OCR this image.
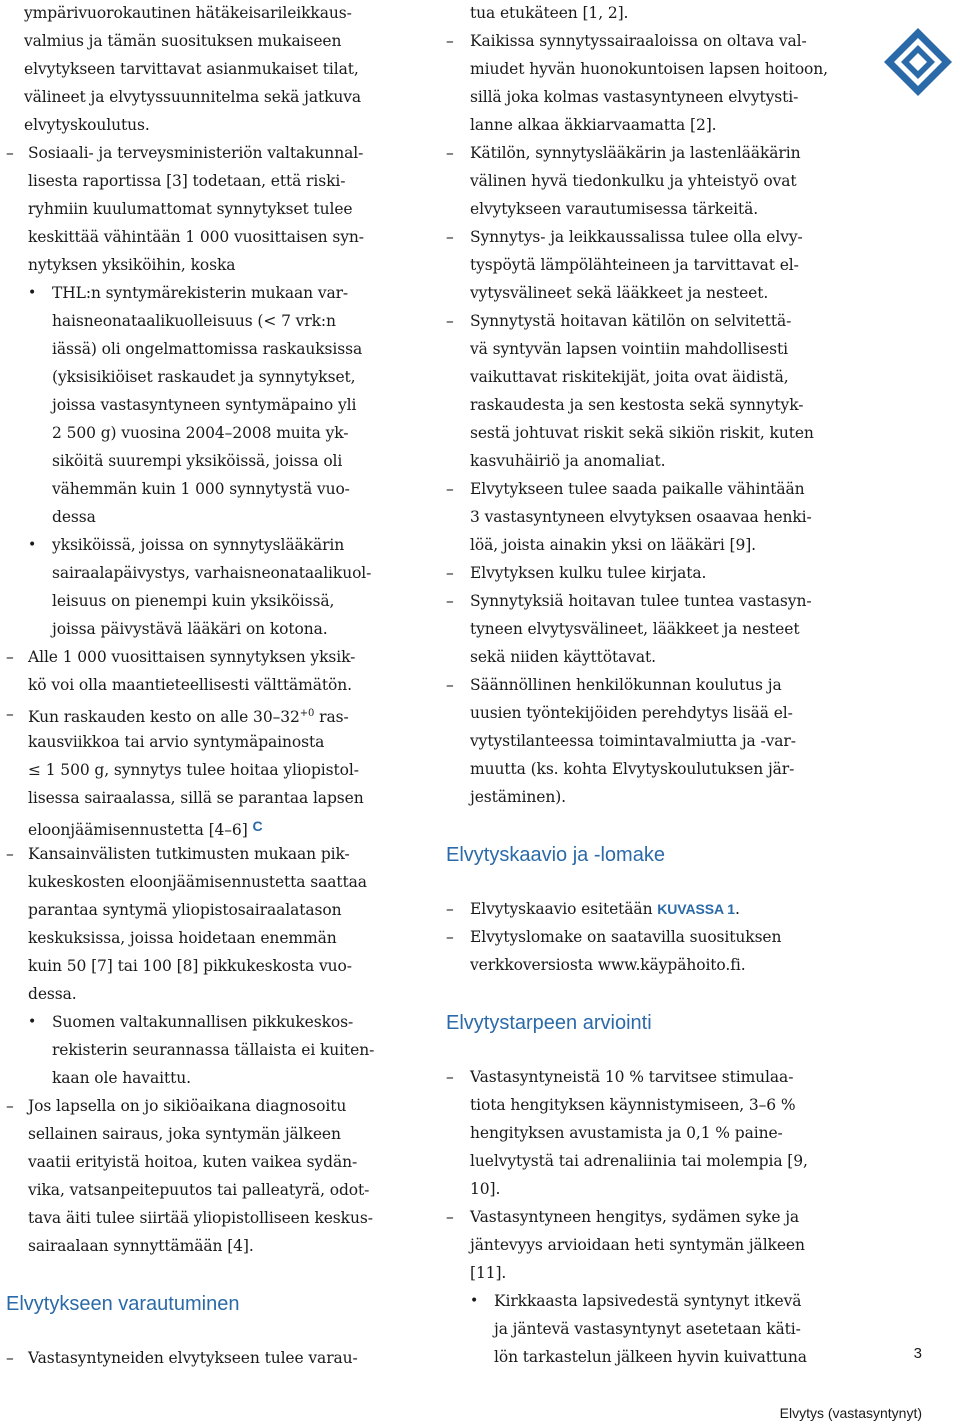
ympärivuorokautinen hätäkeisarileikkaus-
valmius ja tämän suosituksen mukaiseen
elvytykseen tarvittavat asianmukaiset tilat,
välineet ja elvytyssuunnitelma sekä jatkuva
elvytyskoulutus.
– Sosiaali- ja terveysministeriön valtakunnal-
lisesta raportissa [3] todetaan, että riski-
ryhmiin kuulumattomat synnytykset tulee
keskittää vähintään 1 000 vuosittaisen syn-
nytyksen yksiköihin, koska
• THL:n syntymärekisterin mukaan var-
haisneonataalikuolleisuus (< 7 vrk:n
iässä) oli ongelmattomissa raskauksissa
(yksisikiöiset raskaudet ja synnytykset,
joissa vastasyntyneen syntymäpaino yli
2 500 g) vuosina 2004–2008 muita yk-
siköitä suurempi yksiköissä, joissa oli
vähemmän kuin 1 000 synnytystä vuo-
dessa
• yksiköissä, joissa on synnytyslääkärin
sairaalapäivystys, varhaisneonataalikuol-
leisuus on pienempi kuin yksiköissä,
joissa päivystävä lääkäri on kotona.
– Alle 1 000 vuosittaisen synnytyksen yksik-
kö voi olla maantieteellisesti välttämätön.
– Kun raskauden kesto on alle $30-32^{+0}$ ras-
kausviikkoa tai arvio syntymäpainosta
≤ 1 500 g, synnytys tulee hoitaa yliopistol-
lisessa sairaalassa, sillä se parantaa lapsen
eloonjäämisennustetta [4–6] C
– Kansainvälisten tutkimusten mukaan pik-
kukeskosten eloonjäämisennustetta saattaa
parantaa syntymä yliopistosairaalatason
keskuksissa, joissa hoidetaan enemmän
kuin 50 [7] tai 100 [8] pikkukeskosta vuo-
dessa.
• Suomen valtakunnallisen pikkukeskos-
rekisterin seurannassa tällaista ei kuiten-
kaan ole havaittu.
– Jos lapsella on jo sikiöaikana diagnosoitu
sellainen sairaus, joka syntymän jälkeen
vaatii erityistä hoitoa, kuten vaikea sydän-
vika, vatsanpeitepuutos tai palleatyrä, odot-
tava äiti tulee siirtää yliopistolliseen keskus-
sairaalaan synnyttämään [4].
Elvytykseen varautuminen
– Vastasyntyneiden elvytykseen tulee varau-
tua etukäteen [1, 2].
– Kaikissa synnytyssairaaloissa on oltava val-
miudet hyvän huonokuntoisen lapsen hoitoon,
sillä joka kolmas vastasyntyneen elvytysti-
lanne alkaa äkkiarvaamatta [2].
– Kätilön, synnytyslääkärin ja lastenlääkärin
välinen hyvä tiedonkulku ja yhteistyö ovat
elvytykseen varautumisessa tärkeitä.
– Synnytys- ja leikkaussalissa tulee olla elvy-
tyspöytä lämpölähteineen ja tarvittavat el-
vytysvälineet sekä lääkkeet ja nesteet.
– Synnytystä hoitavan kätilön on selvitettä-
vä syntyvän lapsen vointiin mahdollisesti
vaikuttavat riskitekijät, joita ovat äidistä,
raskaudesta ja sen kestosta sekä synnytyk-
sestä johtuvat riskit sekä sikiön riskit, kuten
kasvuhäiriö ja anomaliat.
– Elvytykseen tulee saada paikalle vähintään
3 vastasyntyneen elvytyksen osaavaa henki-
löä, joista ainakin yksi on lääkäri [9].
– Elvytyksen kulku tulee kirjata.
– Synnytyksiä hoitavan tulee tuntea vastasyn-
tyneen elvytysvälineet, lääkkeet ja nesteet
sekä niiden käyttötavat.
– Säännöllinen henkilökunnan koulutus ja
uusien työntekijöiden perehdytys lisää el-
vytystilanteessa toimintavalmiutta ja -var-
muutta (ks. kohta Elvytyskoulutuksen jär-
jestäminen).
Elvytyskaavio ja -lomake
– Elvytyskaavio esitetään KUVASSA 1.
– Elvytyslomake on saatavilla suosituksen
verkkoversiosta www.käypähoito.fi.
Elvytystarpeen arviointi
– Vastasyntyneistä 10 % tarvitsee stimulaa-
tiota hengityksen käynnistymiseen, 3–6 %
hengityksen avustamista ja 0,1 % paine-
luelvytystä tai adrenaliinia tai molempia [9,
10].
– Vastasyntyneen hengitys, sydämen syke ja
jäntevyys arvioidaan heti syntymän jälkeen
[11].
• Kirkkaasta lapsivedestä syntynyt itkevä
ja jäntevä vastasyntynyt asetetaan käti-
lön tarkastelun jälkeen hyvin kuivattuna	3
Elvytys (vastasyntynyt)
